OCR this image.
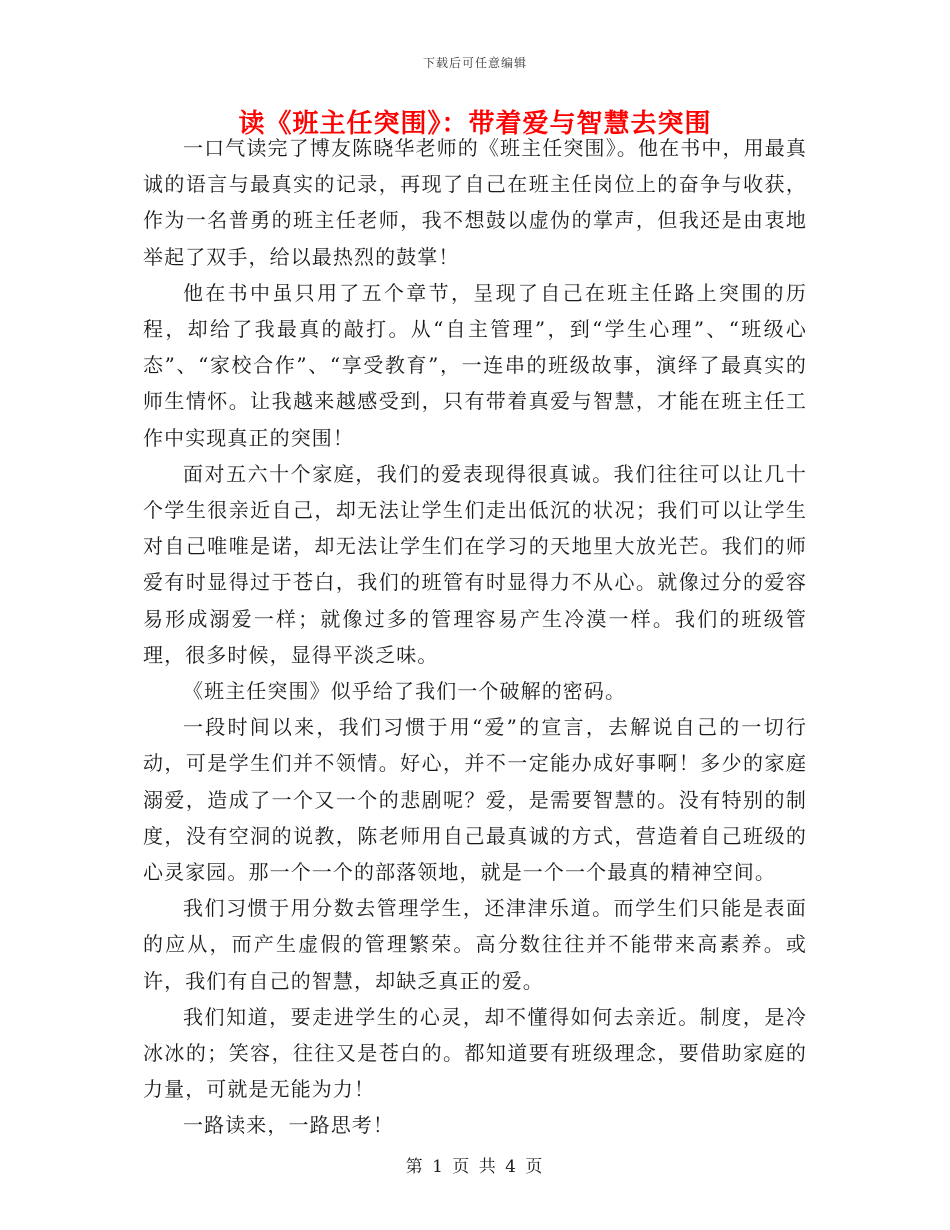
下载后可任意编辑
读《班主任突围》：带着爱与智慧去突围

一口气读完了博友陈晓华老师的《班主任突围》。他在书中，用最真诚的语言与最真实的记录，再现了自己在班主任岗位上的奋争与收获，作为一名普勇的班主任老师，我不想鼓以虚伪的掌声，但我还是由衷地举起了双手，给以最热烈的鼓掌！

他在书中虽只用了五个章节，呈现了自己在班主任路上突围的历程，却给了我最真的敲打。从“自主管理”，到“学生心理”、“班级心态”、“家校合作”、“享受教育”，一连串的班级故事，演绎了最真实的师生情怀。让我越来越感受到，只有带着真爱与智慧，才能在班主任工作中实现真正的突围！

面对五六十个家庭，我们的爱表现得很真诚。我们往往可以让几十个学生很亲近自己，却无法让学生们走出低沉的状况；我们可以让学生对自己唯唯是诺，却无法让学生们在学习的天地里大放光芒。我们的师爱有时显得过于苍白，我们的班管有时显得力不从心。就像过分的爱容易形成溺爱一样；就像过多的管理容易产生冷漠一样。我们的班级管理，很多时候，显得平淡乏味。

《班主任突围》似乎给了我们一个破解的密码。

一段时间以来，我们习惯于用“爱”的宣言，去解说自己的一切行动，可是学生们并不领情。好心，并不一定能办成好事啊！多少的家庭溺爱，造成了一个又一个的悲剧呢？爱，是需要智慧的。没有特别的制度，没有空洞的说教，陈老师用自己最真诚的方式，营造着自己班级的心灵家园。那一个一个的部落领地，就是一个一个最真的精神空间。

我们习惯于用分数去管理学生，还津津乐道。而学生们只能是表面的应从，而产生虚假的管理繁荣。高分数往往并不能带来高素养。或许，我们有自己的智慧，却缺乏真正的爱。

我们知道，要走进学生的心灵，却不懂得如何去亲近。制度，是冷冰冰的；笑容，往往又是苍白的。都知道要有班级理念，要借助家庭的力量，可就是无能为力！

一路读来，一路思考！

第 1 页 共 4 页
